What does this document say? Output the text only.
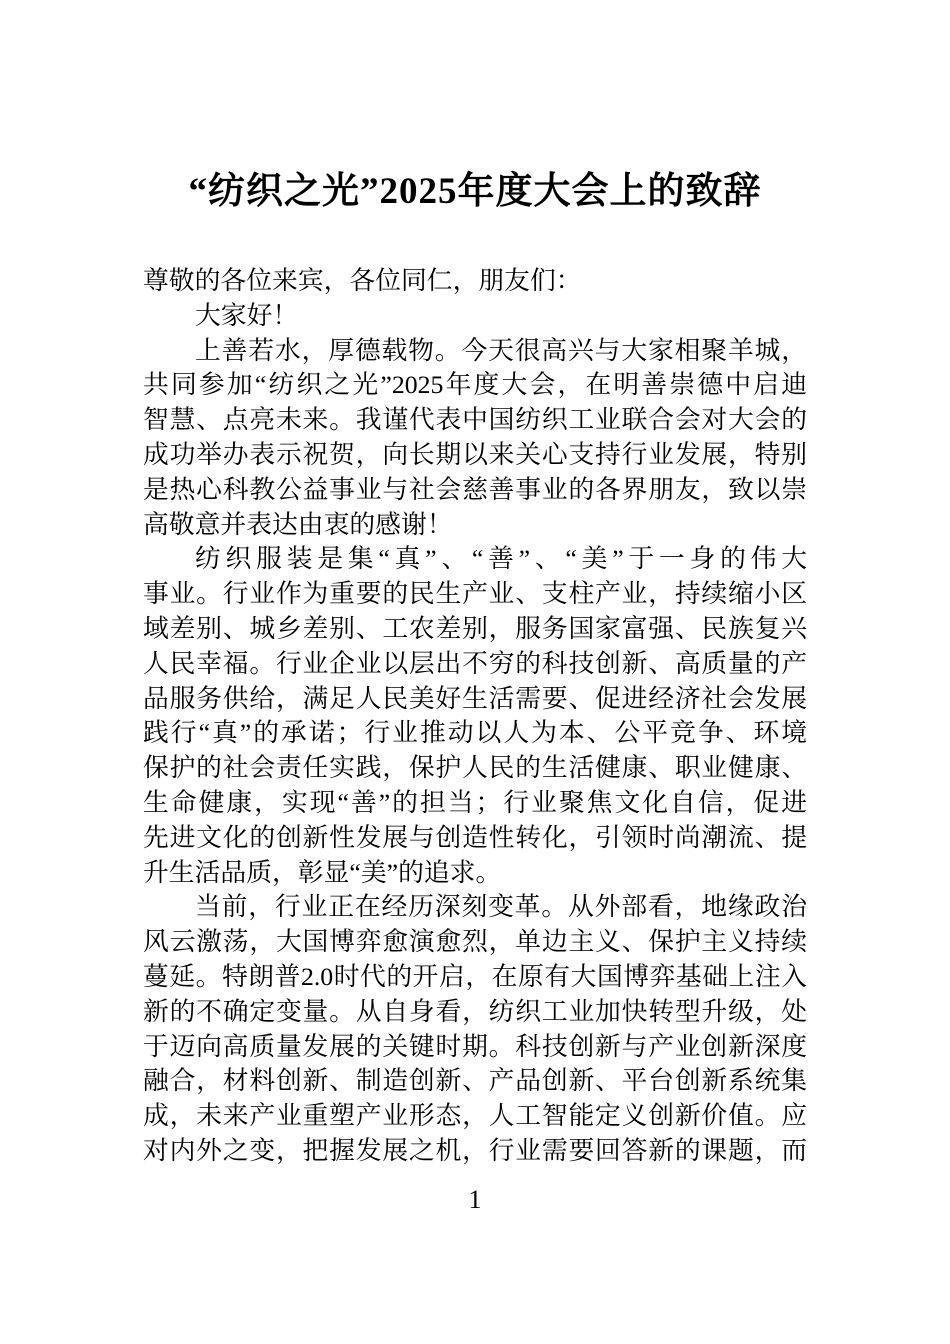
“纺织之光”2025年度大会上的致辞
尊敬的各位来宾，各位同仁，朋友们：
大家好！
上善若水，厚德载物。今天很高兴与大家相聚羊城，
共同参加“纺织之光”2025年度大会，在明善崇德中启迪
智慧、点亮未来。我谨代表中国纺织工业联合会对大会的
成功举办表示祝贺，向长期以来关心支持行业发展，特别
是热心科教公益事业与社会慈善事业的各界朋友，致以崇
高敬意并表达由衷的感谢！
纺织服装是集“真”、“善”、“美”于一身的伟大
事业。行业作为重要的民生产业、支柱产业，持续缩小区
域差别、城乡差别、工农差别，服务国家富强、民族复兴
人民幸福。行业企业以层出不穷的科技创新、高质量的产
品服务供给，满足人民美好生活需要、促进经济社会发展
践行“真”的承诺；行业推动以人为本、公平竞争、环境
保护的社会责任实践，保护人民的生活健康、职业健康、
生命健康，实现“善”的担当；行业聚焦文化自信，促进
先进文化的创新性发展与创造性转化，引领时尚潮流、提
升生活品质，彰显“美”的追求。
当前，行业正在经历深刻变革。从外部看，地缘政治
风云激荡，大国博弈愈演愈烈，单边主义、保护主义持续
蔓延。特朗普2.0时代的开启，在原有大国博弈基础上注入
新的不确定变量。从自身看，纺织工业加快转型升级，处
于迈向高质量发展的关键时期。科技创新与产业创新深度
融合，材料创新、制造创新、产品创新、平台创新系统集
成，未来产业重塑产业形态，人工智能定义创新价值。应
对内外之变，把握发展之机，行业需要回答新的课题，而
1
